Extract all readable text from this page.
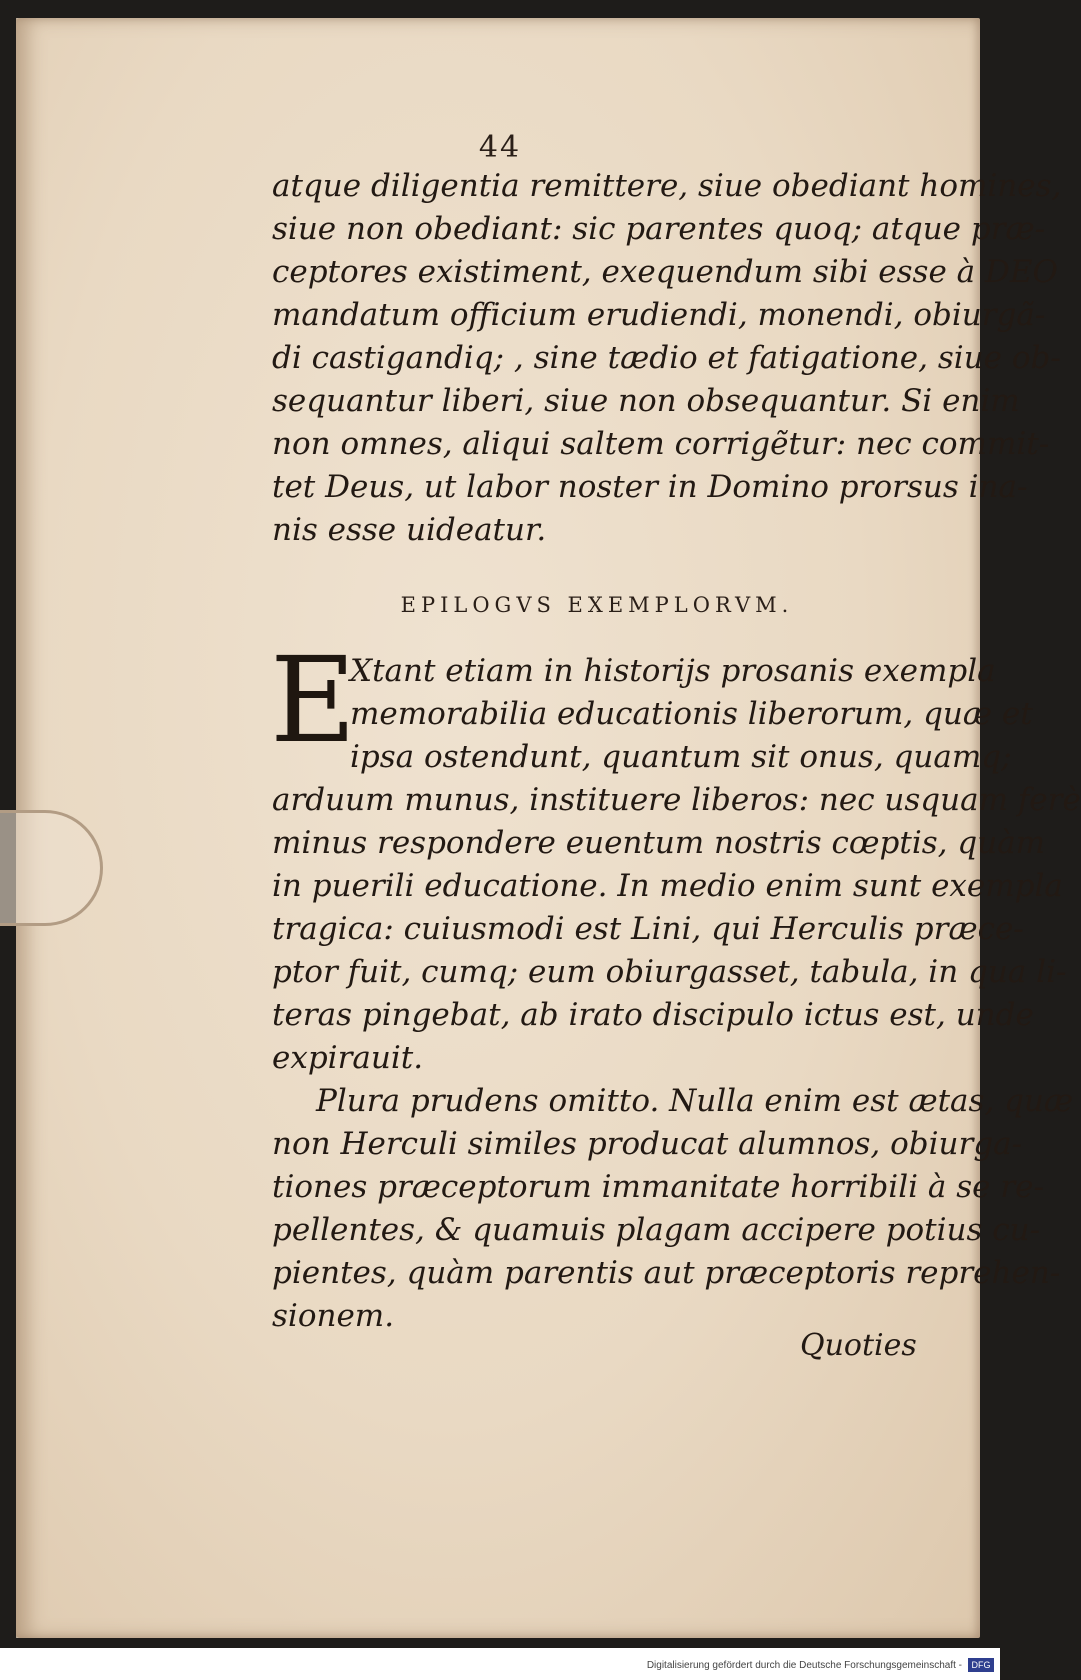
44
atque diligentia remittere, siue obediant homines,
siue non obediant: sic parentes quoq; atque præ-
ceptores existiment, exequendum sibi esse à DEO
mandatum officium erudiendi, monendi, obiurgã-
di castigandiq; , sine tædio et fatigatione, siue ob-
sequantur liberi, siue non obsequantur. Si enim
non omnes, aliqui saltem corrigẽtur: nec commit-
tet Deus, ut labor noster in Domino prorsus ina-
nis esse uideatur.
EPILOGVS EXEMPLORVM.
E
Xtant etiam in historijs prosanis exempla
memorabilia educationis liberorum, quæ et
ipsa ostendunt, quantum sit onus, quamq;
arduum munus, instituere liberos: nec usquam ferè
minus respondere euentum nostris cœptis, quàm
in puerili educatione. In medio enim sunt exempla
tragica: cuiusmodi est Lini, qui Herculis præce-
ptor fuit, cumq; eum obiurgasset, tabula, in qua li-
teras pingebat, ab irato discipulo ictus est, unde
expirauit.
Plura prudens omitto. Nulla enim est ætas, quæ
non Herculi similes producat alumnos, obiurga-
tiones præceptorum immanitate horribili à se re-
pellentes, & quamuis plagam accipere potius cu-
pientes, quàm parentis aut præceptoris reprehen-
sionem.
Quoties
Digitalisierung gefördert durch die Deutsche Forschungsgemeinschaft -	DFG
